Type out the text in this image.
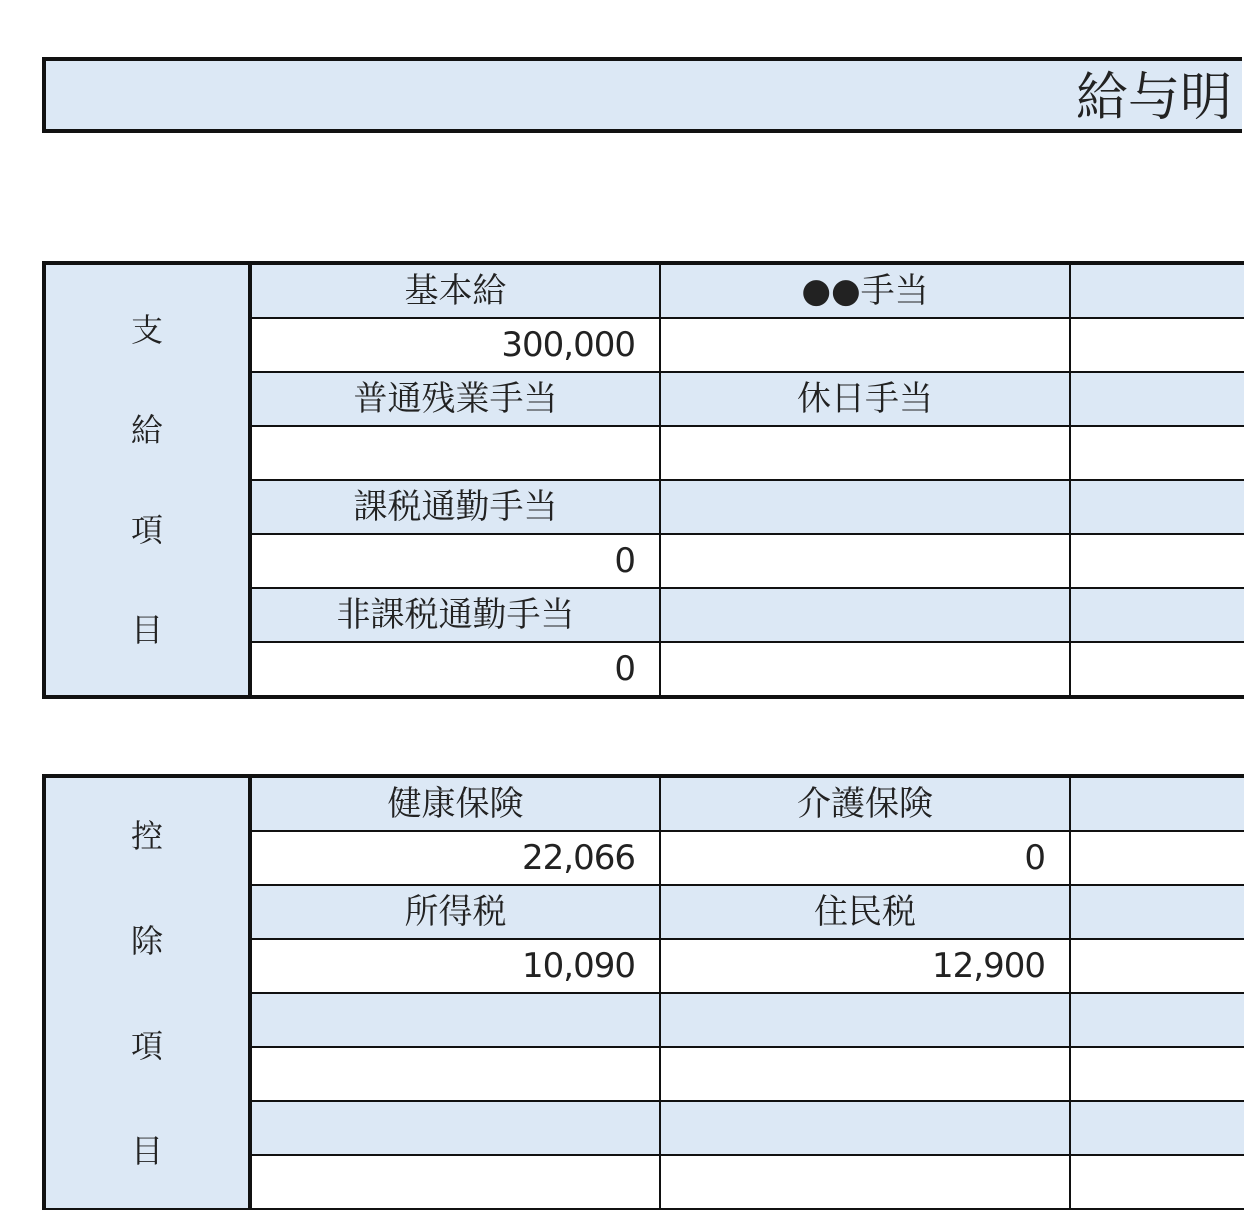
給与明
支
給
項
目	基本給	●●手当	
	300,000		
	普通残業手当	休日手当	

	課税通勤手当		
	0		
	非課税通勤手当		
	0		
控
除
項
目	健康保険	介護保険	
	22,066	0	
	所得税	住民税	
	10,090	12,900	
